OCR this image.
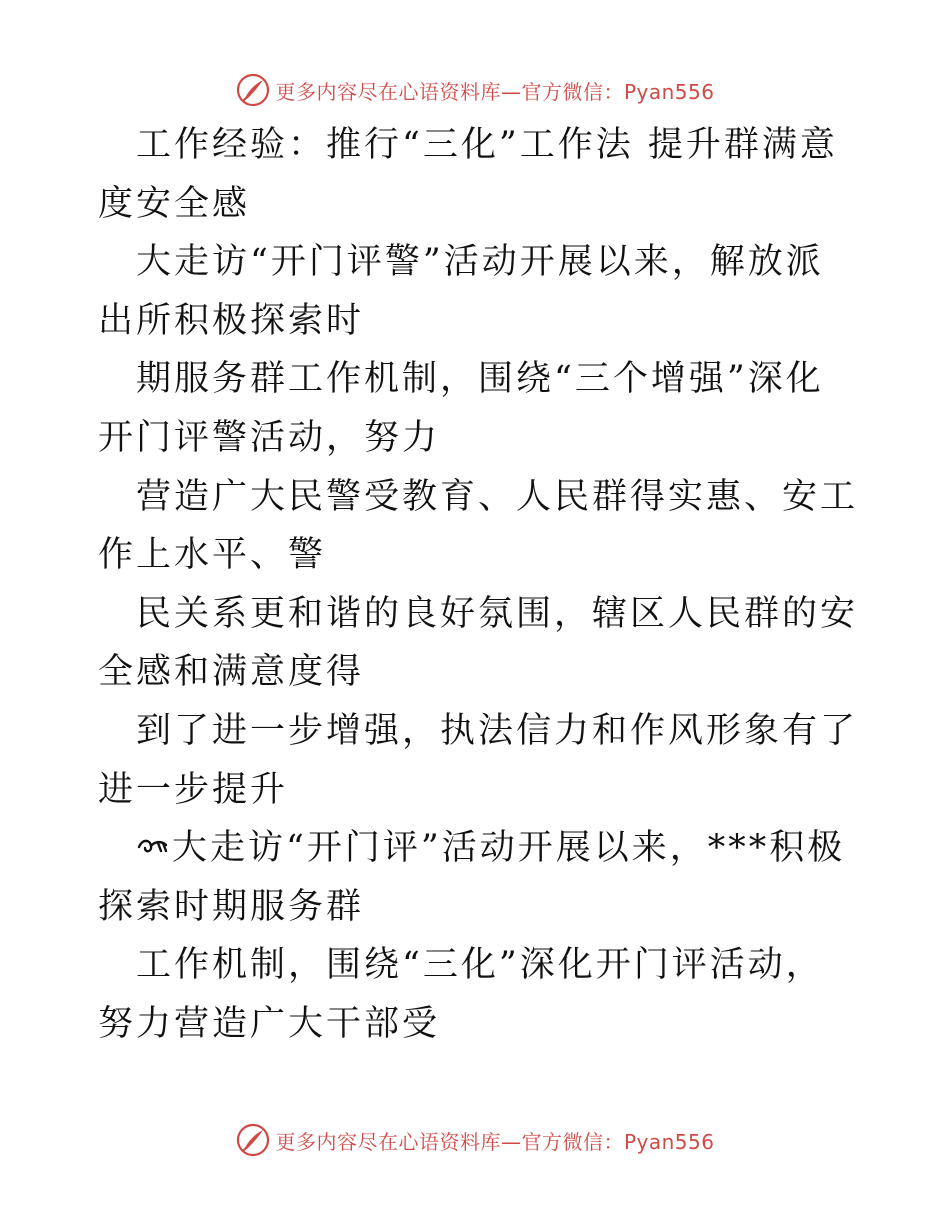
更多内容尽在心语资料库—官方微信：Pyan556

工作经验：推行“三化”工作法 提升群满意度安全感

大走访“开门评警”活动开展以来，解放派出所积极探索时

期服务群工作机制，围绕“三个增强”深化开门评警活动，努力

营造广大民警受教育、人民群得实惠、安工作上水平、警

民关系更和谐的良好氛围，辖区人民群的安全感和满意度得

到了进一步增强，执法信力和作风形象有了进一步提升

大走访“开门评”活动开展以来，***积极探索时期服务群

工作机制，围绕“三化”深化开门评活动，努力营造广大干部受

更多内容尽在心语资料库—官方微信：Pyan556
